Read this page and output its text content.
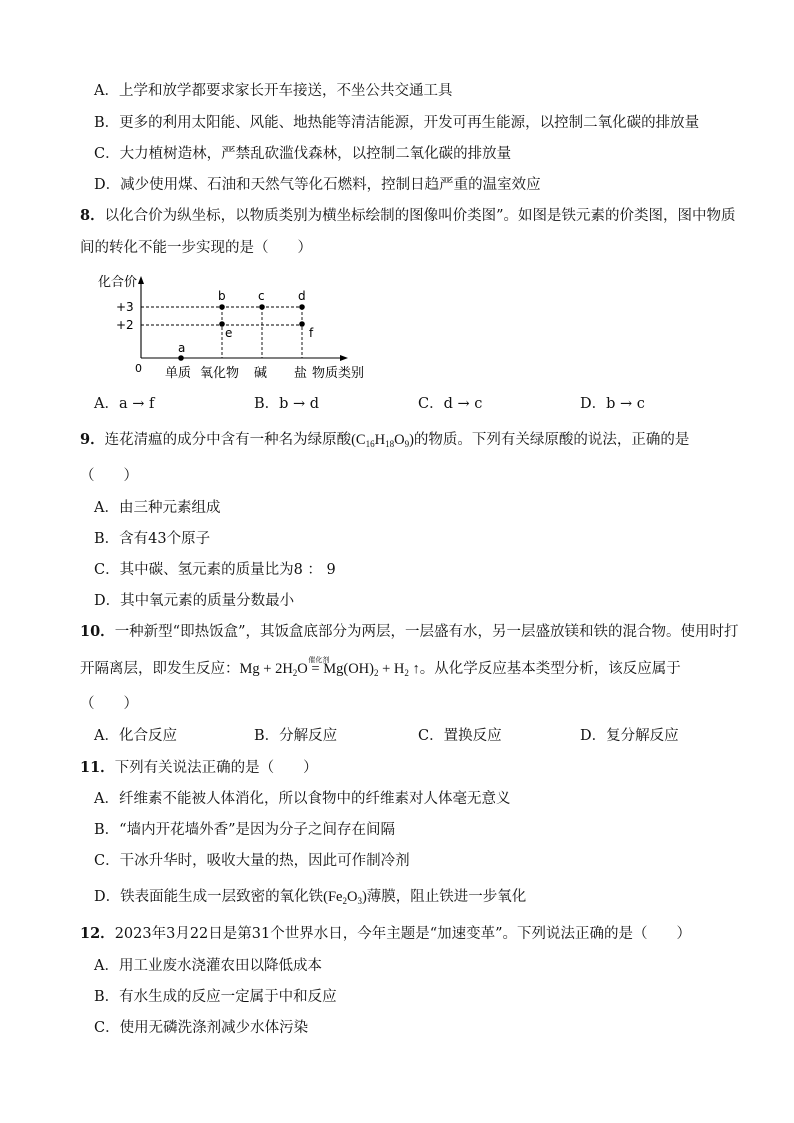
A．上学和放学都要求家长开车接送，不坐公共交通工具
B．更多的利用太阳能、风能、地热能等清洁能源，开发可再生能源，以控制二氧化碳的排放量
C．大力植树造林，严禁乱砍滥伐森林，以控制二氧化碳的排放量
D．减少使用煤、石油和天然气等化石燃料，控制日趋严重的温室效应
8．以化合价为纵坐标，以物质类别为横坐标绘制的图像叫价类图”。如图是铁元素的价类图，图中物质
间的转化不能一步实现的是（　　）
化合价
+3
+2
0 单质 氧化物 碱 盐 物质类别
a
b	c	d
e	f
A．a → f	B．b → d	C．d → c	D．b → c
9．连花清瘟的成分中含有一种名为绿原酸$(C_{16}H_{18}O_9)$的物质。下列有关绿原酸的说法，正确的是
（　　）
A．由三种元素组成
B．含有43个原子
C．其中碳、氢元素的质量比为8 ： 9
D．其中氧元素的质量分数最小
10．一种新型“即热饭盒”，其饭盒底部分为两层，一层盛有水，另一层盛放镁和铁的混合物。使用时打
开隔离层，即发生反应：$Mg + 2H_2O$ =
催化剂
$Mg(OH)_2 + H_2$ ↑。从化学反应基本类型分析，该反应属于
（　　）
A．化合反应	B．分解反应	C．置换反应	D．复分解反应
11．下列有关说法正确的是（　　）
A．纤维素不能被人体消化，所以食物中的纤维素对人体毫无意义
B．“墙内开花墙外香”是因为分子之间存在间隔
C．干冰升华时，吸收大量的热，因此可作制冷剂
D．铁表面能生成一层致密的氧化铁$(Fe_2O_3)$薄膜，阻止铁进一步氧化
12．2023年3月22日是第31个世界水日，今年主题是“加速变革”。下列说法正确的是（　　）
A．用工业废水浇灌农田以降低成本
B．有水生成的反应一定属于中和反应
C．使用无磷洗涤剂减少水体污染
